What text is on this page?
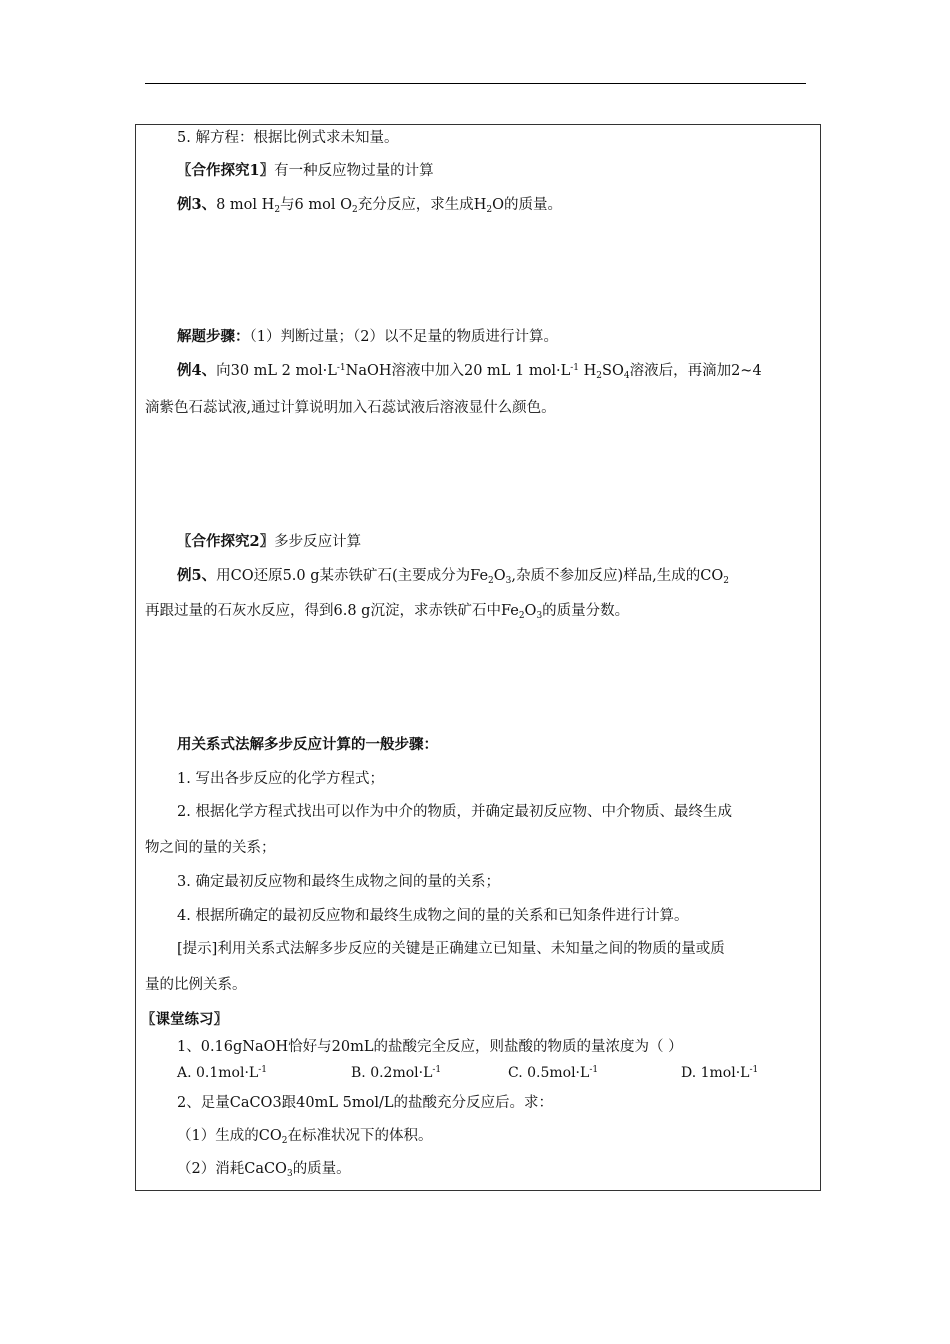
5. 解方程：根据比例式求未知量。
〖合作探究1〗有一种反应物过量的计算
例3、8 mol $H_2$与6 mol $O_2$充分反应，求生成$H_2O$的质量。
解题步骤：（1）判断过量；（2）以不足量的物质进行计算。
例4、向30 mL 2 $mol\cdot L^{-1}NaOH$溶液中加入20 mL 1 $mol\cdot L^{-1}$ $H_2SO_4$溶液后，再滴加2~4
滴紫色石蕊试液,通过计算说明加入石蕊试液后溶液显什么颜色。
〖合作探究2〗多步反应计算
例5、用CO还原5.0 g某赤铁矿石(主要成分为$Fe_2O_3$,杂质不参加反应)样品,生成的$CO_2$
再跟过量的石灰水反应，得到6.8 g沉淀，求赤铁矿石中$Fe_2O_3$的质量分数。
用关系式法解多步反应计算的一般步骤：
1. 写出各步反应的化学方程式；
2. 根据化学方程式找出可以作为中介的物质，并确定最初反应物、中介物质、最终生成
物之间的量的关系；
3. 确定最初反应物和最终生成物之间的量的关系；
4. 根据所确定的最初反应物和最终生成物之间的量的关系和已知条件进行计算。
[提示]利用关系式法解多步反应的关键是正确建立已知量、未知量之间的物质的量或质
量的比例关系。
〖课堂练习〗
1、0.16gNaOH恰好与20mL的盐酸完全反应，则盐酸的物质的量浓度为（ ）
A. $0.1mol\cdot L^{-1}$	B. $0.2mol\cdot L^{-1}$	C. $0.5mol\cdot L^{-1}$	D. $1mol\cdot L^{-1}$
2、足量CaCO3跟40mL 5mol/L的盐酸充分反应后。求：
（1）生成的$CO_2$在标准状况下的体积。
（2）消耗CaCO$_3$的质量。
